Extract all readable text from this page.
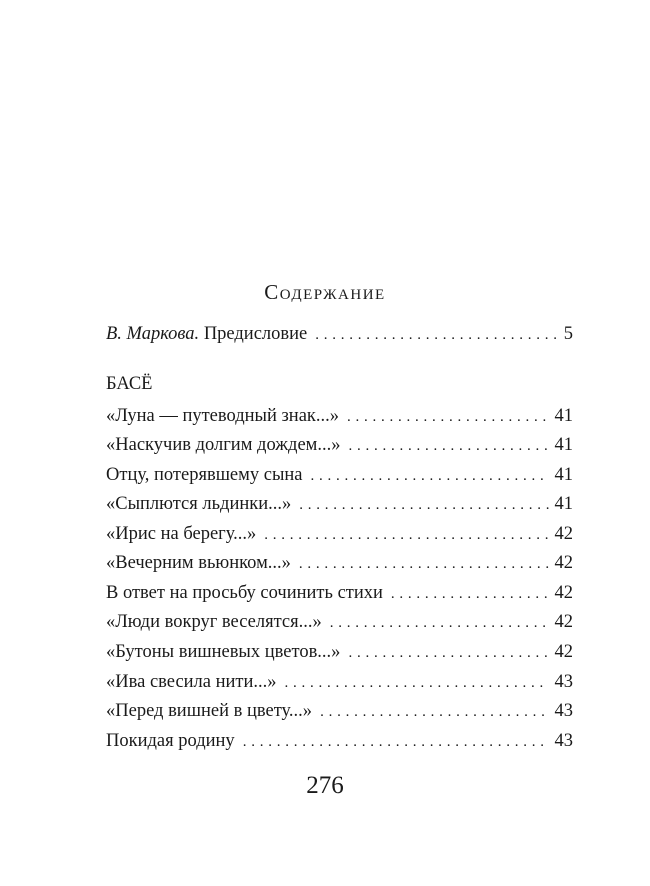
Содержание
В. Маркова. Предисловие . . .	5
БАСЁ
«Луна — путеводный знак...» . . .	41
«Наскучив долгим дождем...» . . .	41
Отцу, потерявшему сына . . .	41
«Сыплются льдинки...» . . .	41
«Ирис на берегу...» . . .	42
«Вечерним вьюнком...» . . .	42
В ответ на просьбу сочинить стихи . . .	42
«Люди вокруг веселятся...» . . .	42
«Бутоны вишневых цветов...» . . .	42
«Ива свесила нити...» . . .	43
«Перед вишней в цвету...» . . .	43
Покидая родину . . .	43
276
